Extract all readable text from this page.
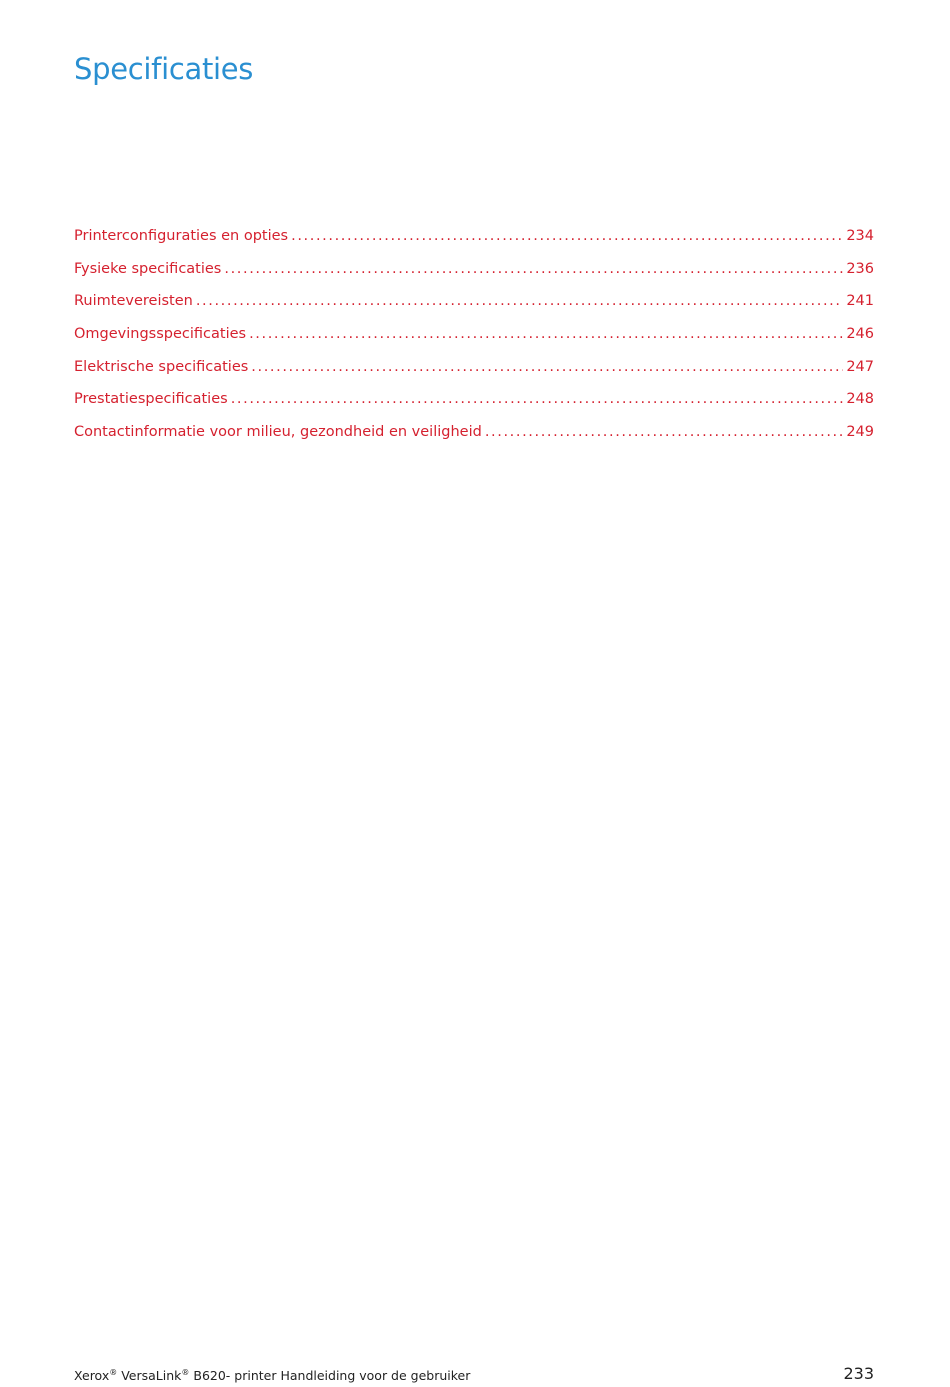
Specificaties
Printerconfiguraties en opties .....	234
Fysieke specificaties .....	236
Ruimtevereisten .....	241
Omgevingsspecificaties .....	246
Elektrische specificaties .....	247
Prestatiespecificaties .....	248
Contactinformatie voor milieu, gezondheid en veiligheid .....	249
Xerox® VersaLink® B620- printer Handleiding voor de gebruiker	233
